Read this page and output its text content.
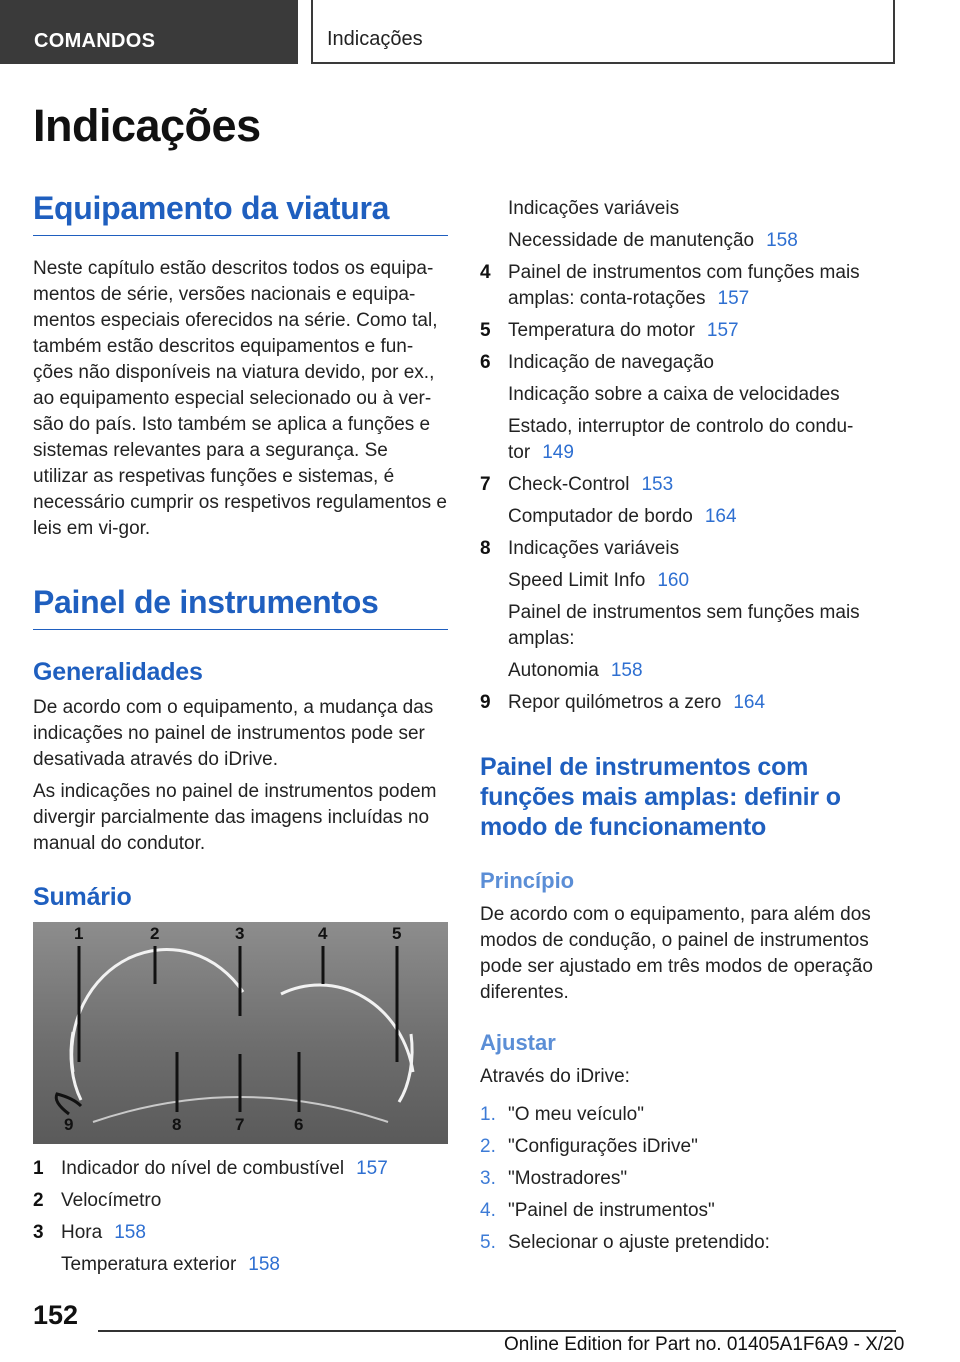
COMANDOS	Indicações
Indicações
Equipamento da viatura
Neste capítulo estão descritos todos os equipa-mentos de série, versões nacionais e equipa-mentos especiais oferecidos na série. Como tal, também estão descritos equipamentos e fun-ções não disponíveis na viatura devido, por ex., ao equipamento especial selecionado ou à ver-são do país. Isto também se aplica a funções e sistemas relevantes para a segurança. Se utilizar as respetivas funções e sistemas, é necessário cumprir os respetivos regulamentos e leis em vi-gor.
Painel de instrumentos
Generalidades
De acordo com o equipamento, a mudança das indicações no painel de instrumentos pode ser desativada através do iDrive.
As indicações no painel de instrumentos podem divergir parcialmente das imagens incluídas no manual do condutor.
Sumário
1	2	3	4	5
9	8	7	6
1 Indicador do nível de combustível 157
2 Velocímetro
3 Hora 158
Temperatura exterior 158
Indicações variáveis
Necessidade de manutenção 158
4 Painel de instrumentos com funções mais amplas: conta-rotações 157
5 Temperatura do motor 157
6 Indicação de navegação
Indicação sobre a caixa de velocidades
Estado, interruptor de controlo do condu-tor 149
7 Check-Control 153
Computador de bordo 164
8 Indicações variáveis
Speed Limit Info 160
Painel de instrumentos sem funções mais amplas:
Autonomia 158
9 Repor quilómetros a zero 164
Painel de instrumentos com funções mais amplas: definir o modo de funcionamento
Princípio
De acordo com o equipamento, para além dos modos de condução, o painel de instrumentos pode ser ajustado em três modos de operação diferentes.
Ajustar
Através do iDrive:
1. "O meu veículo"
2. "Configurações iDrive"
3. "Mostradores"
4. "Painel de instrumentos"
5. Selecionar o ajuste pretendido:
152
Online Edition for Part no. 01405A1F6A9 - X/20
